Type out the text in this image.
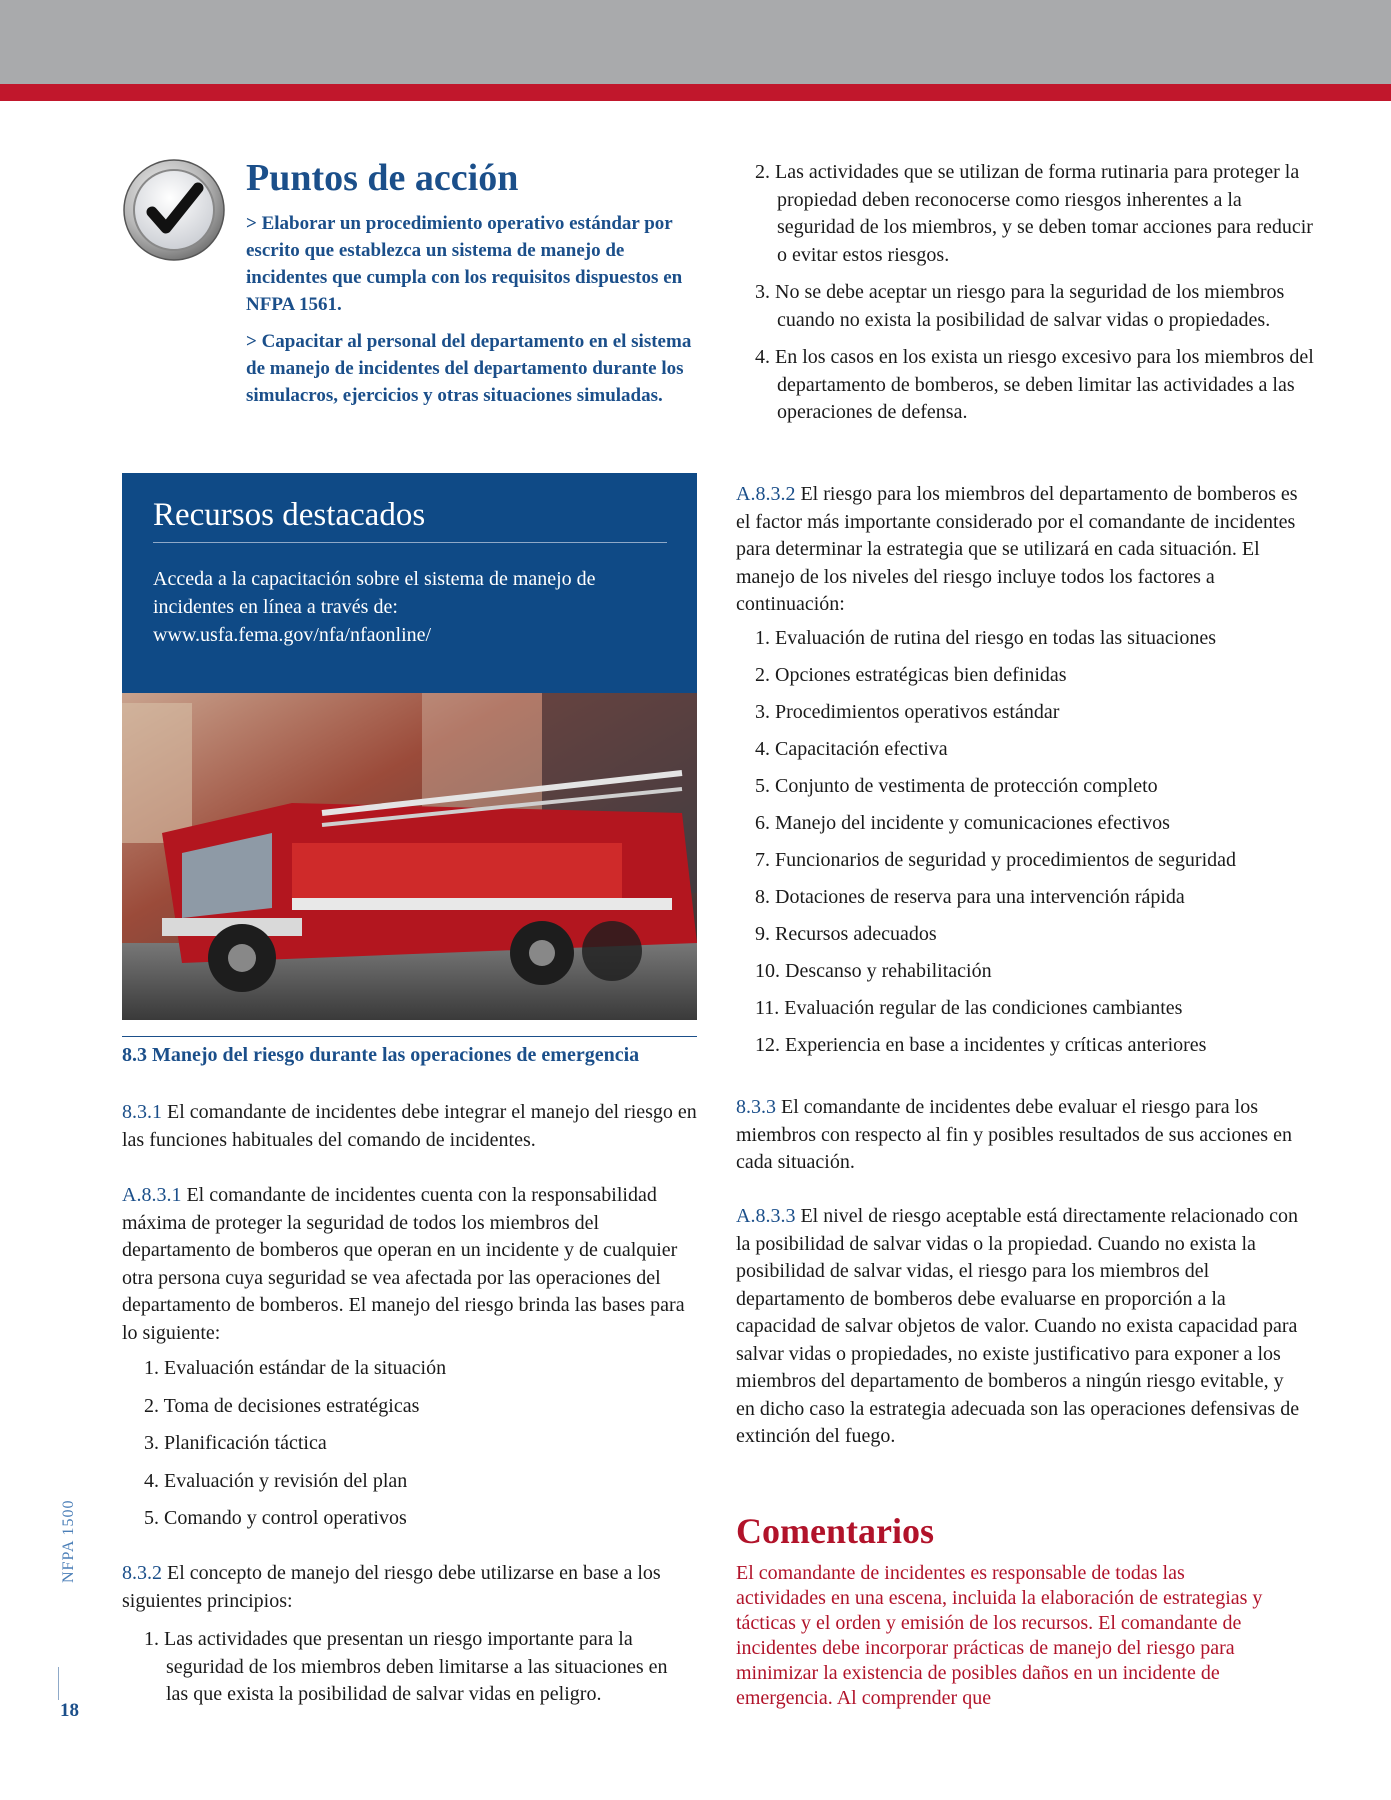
Puntos de acción
> Elaborar un procedimiento operativo estándar por escrito que establezca un sistema de manejo de incidentes que cumpla con los requisitos dispuestos en NFPA 1561.
> Capacitar al personal del departamento en el sistema de manejo de incidentes del departamento durante los simulacros, ejercicios y otras situaciones simuladas.
Recursos destacados
Acceda a la capacitación sobre el sistema de manejo de incidentes en línea a través de: www.usfa.fema.gov/nfa/nfaonline/
8.3 Manejo del riesgo durante las operaciones de emergencia

8.3.1 El comandante de incidentes debe integrar el manejo del riesgo en las funciones habituales del comando de incidentes.

A.8.3.1 El comandante de incidentes cuenta con la responsabilidad máxima de proteger la seguridad de todos los miembros del departamento de bomberos que operan en un incidente y de cualquier otra persona cuya seguridad se vea afectada por las operaciones del departamento de bomberos. El manejo del riesgo brinda las bases para lo siguiente:

1. Evaluación estándar de la situación
2. Toma de decisiones estratégicas
3. Planificación táctica
4. Evaluación y revisión del plan
5. Comando y control operativos

8.3.2 El concepto de manejo del riesgo debe utilizarse en base a los siguientes principios:

1. Las actividades que presentan un riesgo importante para la seguridad de los miembros deben limitarse a las situaciones en las que exista la posibilidad de salvar vidas en peligro.
2. Las actividades que se utilizan de forma rutinaria para proteger la propiedad deben reconocerse como riesgos inherentes a la seguridad de los miembros, y se deben tomar acciones para reducir o evitar estos riesgos.
3. No se debe aceptar un riesgo para la seguridad de los miembros cuando no exista la posibilidad de salvar vidas o propiedades.
4. En los casos en los exista un riesgo excesivo para los miembros del departamento de bomberos, se deben limitar las actividades a las operaciones de defensa.

A.8.3.2 El riesgo para los miembros del departamento de bomberos es el factor más importante considerado por el comandante de incidentes para determinar la estrategia que se utilizará en cada situación. El manejo de los niveles del riesgo incluye todos los factores a continuación:

1. Evaluación de rutina del riesgo en todas las situaciones
2. Opciones estratégicas bien definidas
3. Procedimientos operativos estándar
4. Capacitación efectiva
5. Conjunto de vestimenta de protección completo
6. Manejo del incidente y comunicaciones efectivos
7. Funcionarios de seguridad y procedimientos de seguridad
8. Dotaciones de reserva para una intervención rápida
9. Recursos adecuados
10. Descanso y rehabilitación
11. Evaluación regular de las condiciones cambiantes
12. Experiencia en base a incidentes y críticas anteriores

8.3.3 El comandante de incidentes debe evaluar el riesgo para los miembros con respecto al fin y posibles resultados de sus acciones en cada situación.

A.8.3.3 El nivel de riesgo aceptable está directamente relacionado con la posibilidad de salvar vidas o la propiedad. Cuando no exista la posibilidad de salvar vidas, el riesgo para los miembros del departamento de bomberos debe evaluarse en proporción a la capacidad de salvar objetos de valor. Cuando no exista capacidad para salvar vidas o propiedades, no existe justificativo para exponer a los miembros del departamento de bomberos a ningún riesgo evitable, y en dicho caso la estrategia adecuada son las operaciones defensivas de extinción del fuego.

Comentarios

El comandante de incidentes es responsable de todas las actividades en una escena, incluida la elaboración de estrategias y tácticas y el orden y emisión de los recursos. El comandante de incidentes debe incorporar prácticas de manejo del riesgo para minimizar la existencia de posibles daños en un incidente de emergencia. Al comprender que

NFPA 1500
18
